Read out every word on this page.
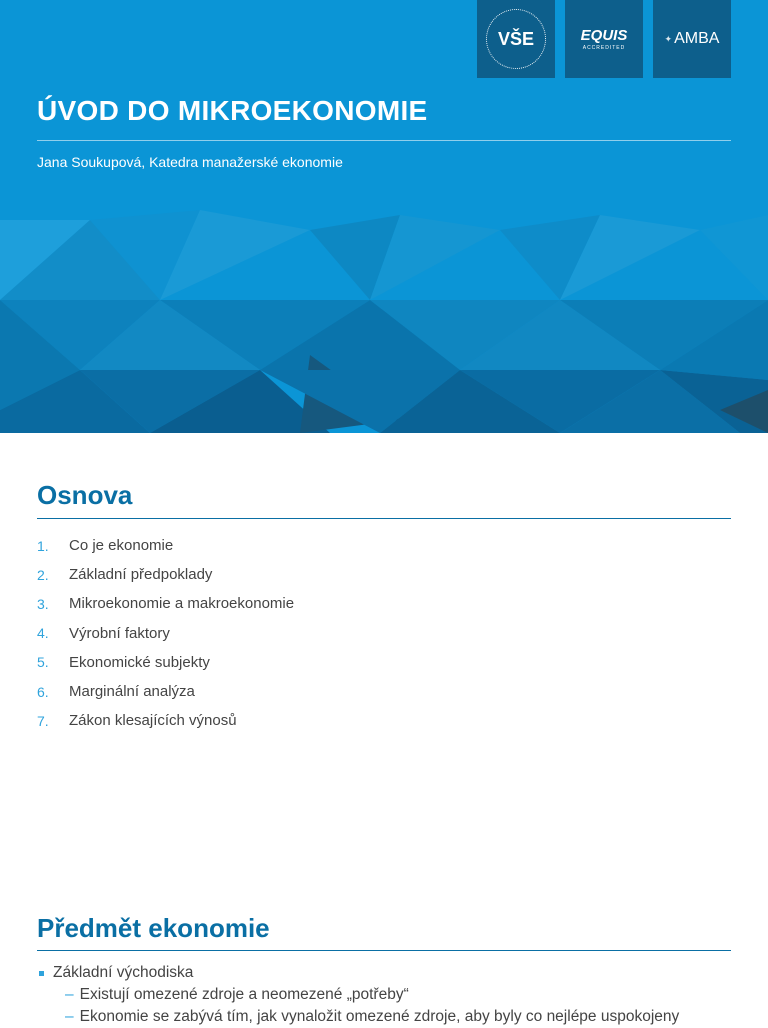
VŠE	EQUIS
ACCREDITED
✦ AMBA
ÚVOD DO MIKROEKONOMIE

Jana Soukupová, Katedra manažerské ekonomie

Osnova
1.	Co je ekonomie
2.	Základní předpoklady
3.	Mikroekonomie a makroekonomie
4.	Výrobní faktory
5.	Ekonomické subjekty
6.	Marginální analýza
7.	Zákon klesajících výnosů
Předmět ekonomie
Základní východiska
– Existují omezené zdroje a neomezené „potřeby“
– Ekonomie se zabývá tím, jak vynaložit omezené zdroje, aby byly co nejlépe uspokojeny
